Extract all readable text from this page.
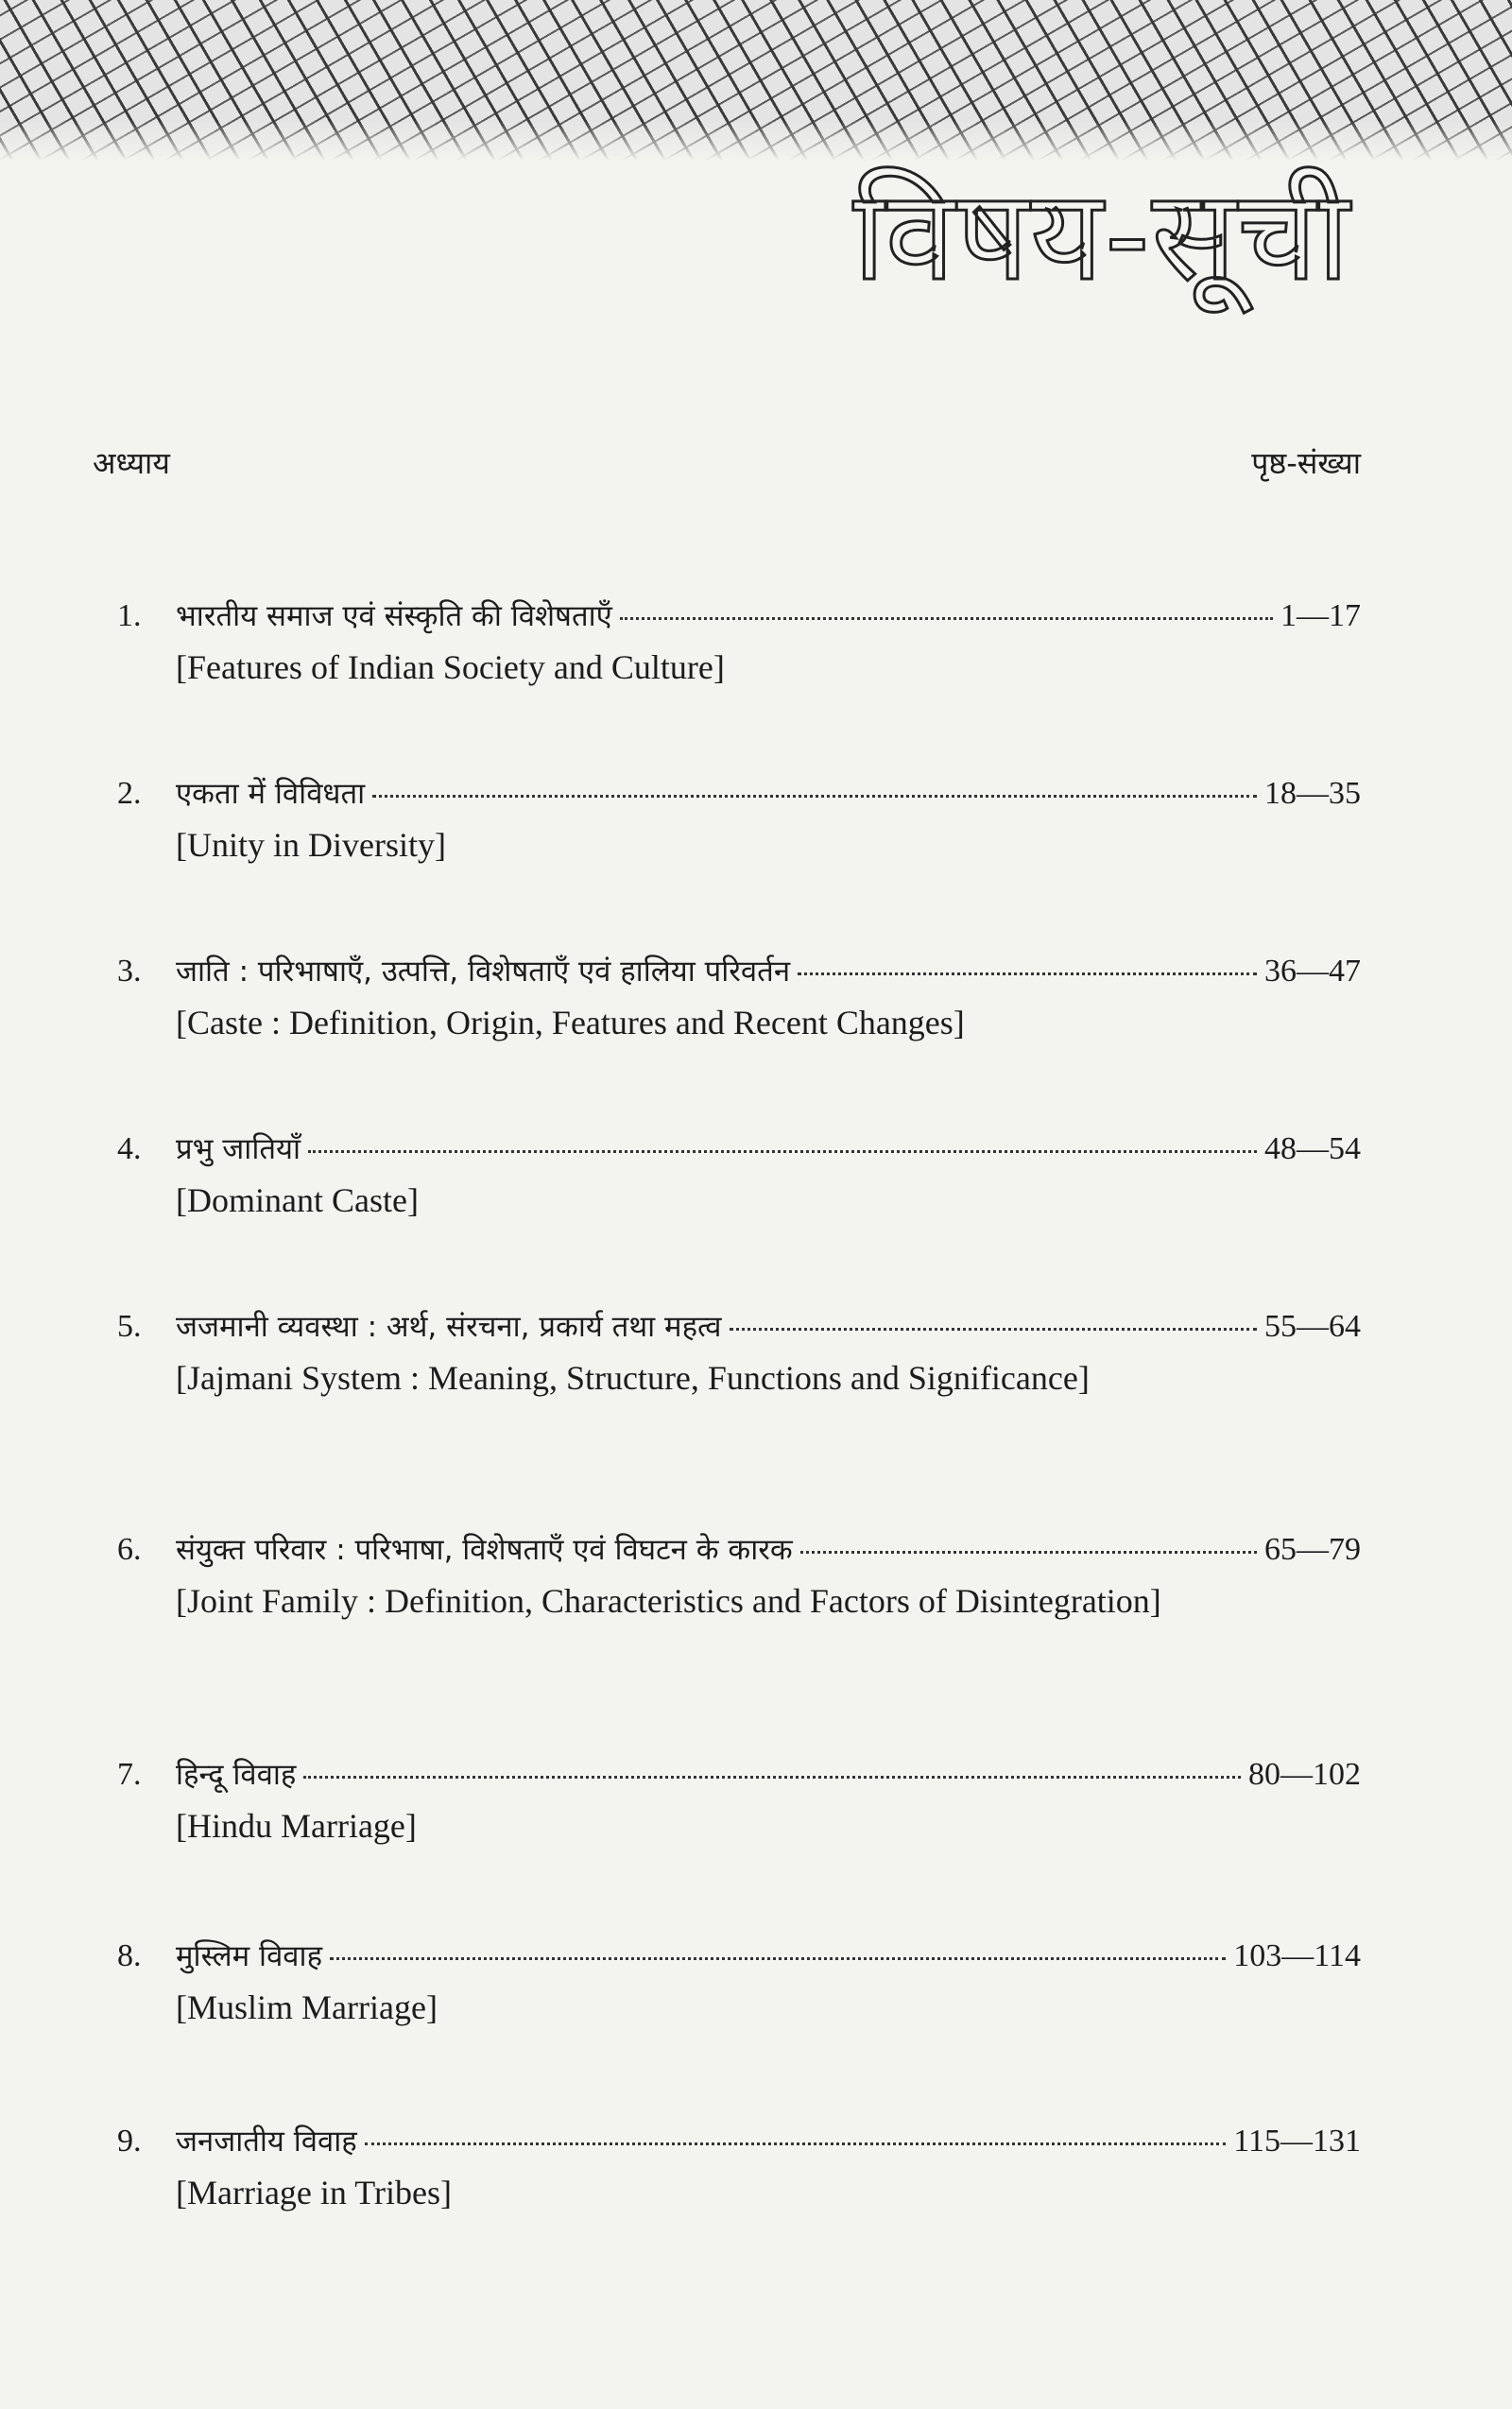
विषय-सूची
अध्याय	पृष्ठ-संख्या
1.	भारतीय समाज एवं संस्कृति की विशेषताएँ	1—17
[Features of Indian Society and Culture]
2.	एकता में विविधता	18—35
[Unity in Diversity]
3.	जाति : परिभाषाएँ, उत्पत्ति, विशेषताएँ एवं हालिया परिवर्तन	36—47
[Caste : Definition, Origin, Features and Recent Changes]
4.	प्रभु जातियाँ	48—54
[Dominant Caste]
5.	जजमानी व्यवस्था : अर्थ, संरचना, प्रकार्य तथा महत्व	55—64
[Jajmani System : Meaning, Structure, Functions and Significance]
6.	संयुक्त परिवार : परिभाषा, विशेषताएँ एवं विघटन के कारक	65—79
[Joint Family : Definition, Characteristics and Factors of Disintegration]
7.	हिन्दू विवाह	80—102
[Hindu Marriage]
8.	मुस्लिम विवाह	103—114
[Muslim Marriage]
9.	जनजातीय विवाह	115—131
[Marriage in Tribes]
